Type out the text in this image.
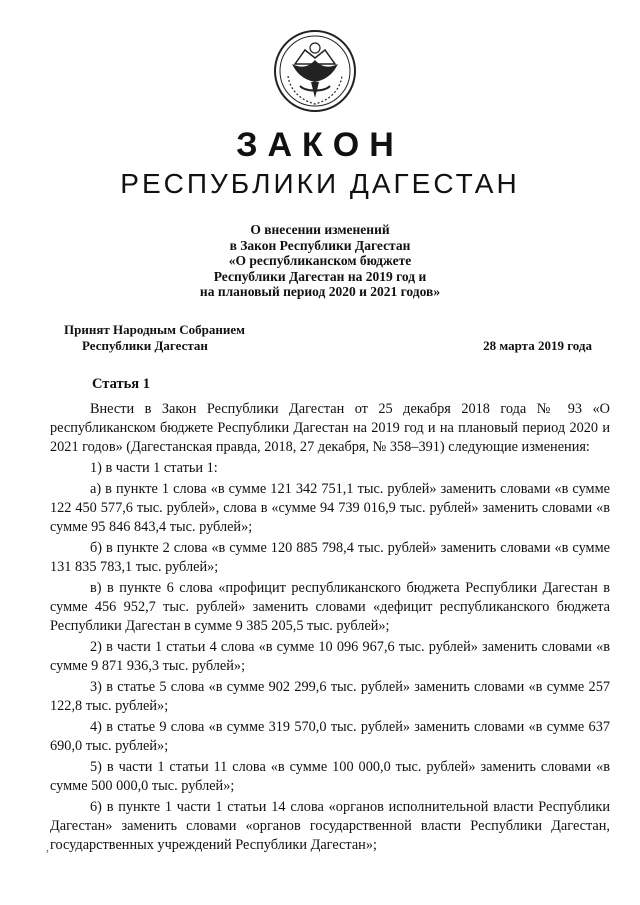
ЗАКОН
РЕСПУБЛИКИ ДАГЕСТАН
О внесении изменений
в Закон Республики Дагестан
«О республиканском бюджете
Республики Дагестан на 2019 год и
на плановый период 2020 и 2021 годов»
Принят Народным Собранием
Республики Дагестан	28 марта 2019 года
Статья 1

Внести в Закон Республики Дагестан от 25 декабря 2018 года № 93 «О республиканском бюджете Республики Дагестан на 2019 год и на плановый период 2020 и 2021 годов» (Дагестанская правда, 2018, 27 декабря, № 358–391) следующие изменения:

1) в части 1 статьи 1:

а) в пункте 1 слова «в сумме 121 342 751,1 тыс. рублей» заменить словами «в сумме 122 450 577,6 тыс. рублей», слова в «сумме 94 739 016,9 тыс. рублей» заменить словами «в сумме 95 846 843,4 тыс. рублей»;

б) в пункте 2 слова «в сумме 120 885 798,4 тыс. рублей» заменить словами «в сумме 131 835 783,1 тыс. рублей»;

в) в пункте 6 слова «профицит республиканского бюджета Республики Дагестан в сумме 456 952,7 тыс. рублей» заменить словами «дефицит республиканского бюджета Республики Дагестан в сумме 9 385 205,5 тыс. рублей»;

2) в части 1 статьи 4 слова «в сумме 10 096 967,6 тыс. рублей» заменить словами «в сумме 9 871 936,3 тыс. рублей»;

3) в статье 5 слова «в сумме 902 299,6 тыс. рублей» заменить словами «в сумме 257 122,8 тыс. рублей»;

4) в статье 9 слова «в сумме 319 570,0 тыс. рублей» заменить словами «в сумме 637 690,0 тыс. рублей»;

5) в части 1 статьи 11 слова «в сумме 100 000,0 тыс. рублей» заменить словами «в сумме 500 000,0 тыс. рублей»;

6) в пункте 1 части 1 статьи 14 слова «органов исполнительной власти Республики Дагестан» заменить словами «органов государственной власти Республики Дагестан, государственных учреждений Республики Дагестан»;

,
